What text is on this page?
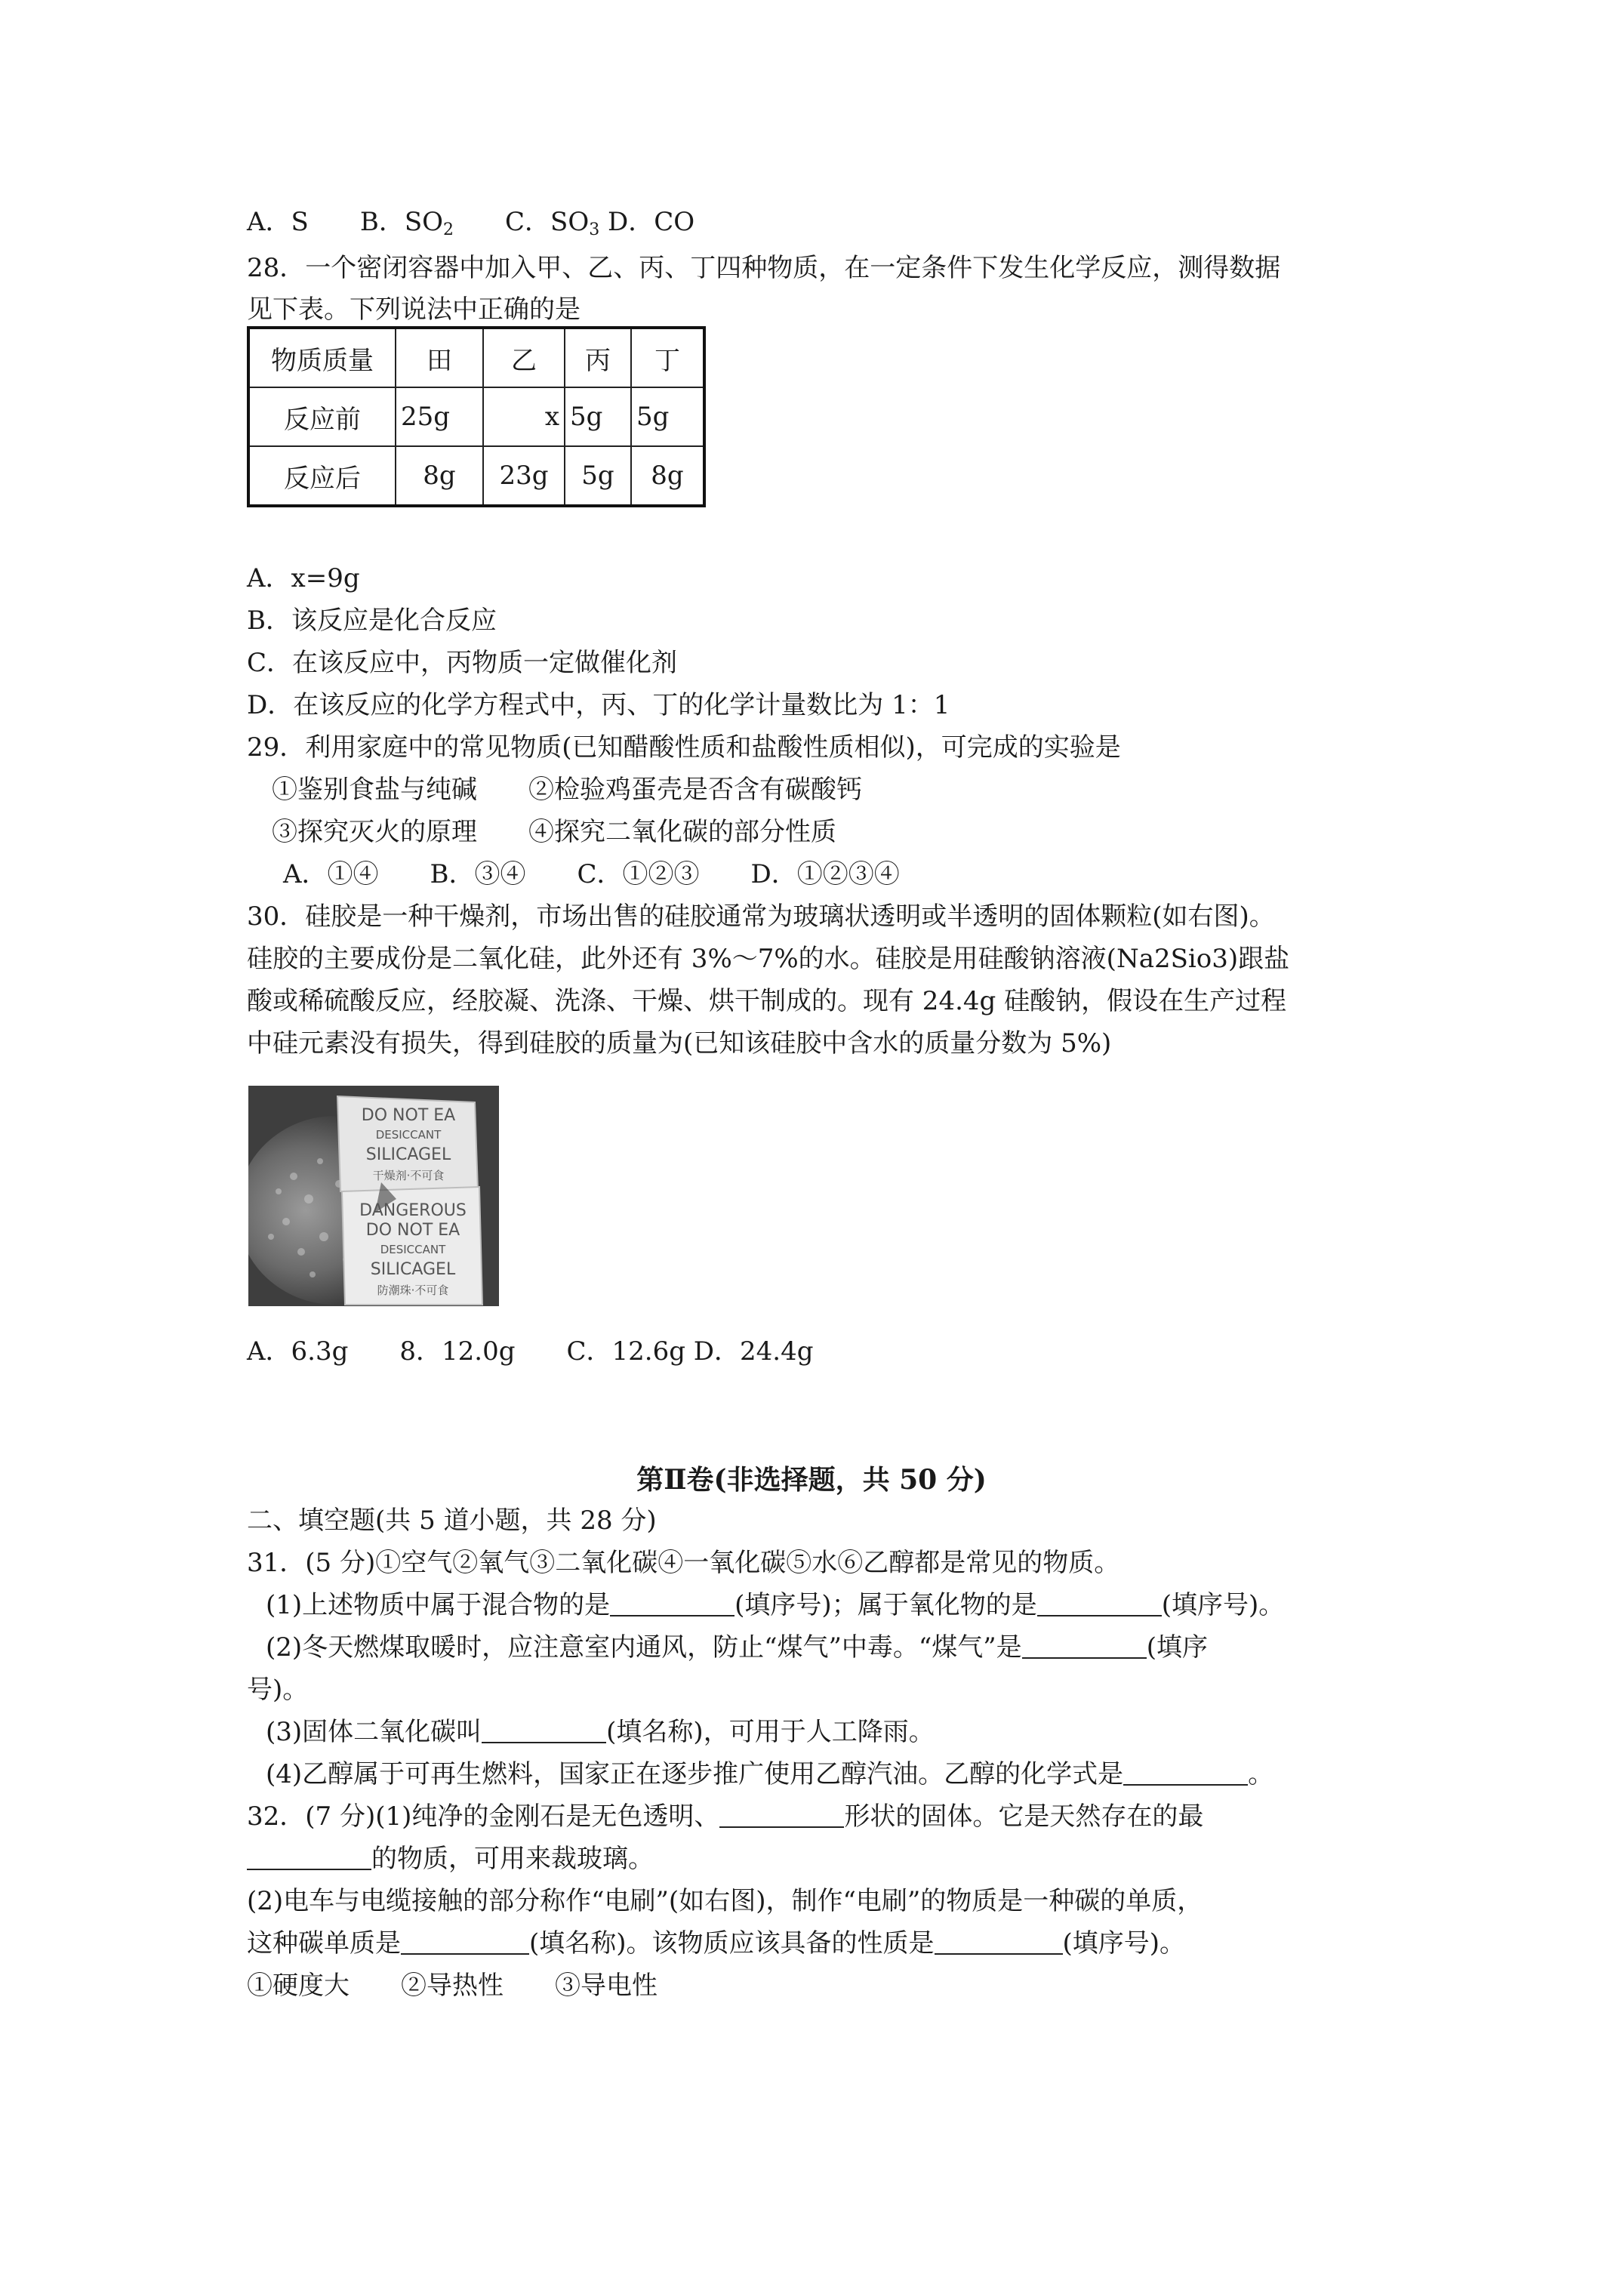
A．S   B．$SO_2$   C．$SO_3$ D．CO
28．一个密闭容器中加入甲、乙、丙、丁四种物质，在一定条件下发生化学反应，测得数据
见下表。下列说法中正确的是
物质质量	田	乙	丙	丁
反应前	25g	x	5g	5g
反应后	8g	23g	5g	8g
A．x=9g
B．该反应是化合反应
C．在该反应中，丙物质一定做催化剂
D．在该反应的化学方程式中，丙、丁的化学计量数比为 1：1
29．利用家庭中的常见物质(已知醋酸性质和盐酸性质相似)，可完成的实验是
①鉴别食盐与纯碱　　②检验鸡蛋壳是否含有碳酸钙
③探究灭火的原理　　④探究二氧化碳的部分性质
A．①④　　B．③④　　C．①②③　　D．①②③④
30．硅胶是一种干燥剂，市场出售的硅胶通常为玻璃状透明或半透明的固体颗粒(如右图)。
硅胶的主要成份是二氧化硅，此外还有 3%～7%的水。硅胶是用硅酸钠溶液(Na2Sio3)跟盐
酸或稀硫酸反应，经胶凝、洗涤、干燥、烘干制成的。现有 24.4g 硅酸钠，假设在生产过程
中硅元素没有损失，得到硅胶的质量为(已知该硅胶中含水的质量分数为 5%)
DO NOT EA
DESICCANT
SILICAGEL
干燥剂·不可食
DANGEROUS
DO NOT EA
DESICCANT
SILICAGEL
防潮珠·不可食
A．6.3g　　8．12.0g　　C．12.6g D．24.4g
第Ⅱ卷(非选择题，共 50 分)
二、填空题(共 5 道小题，共 28 分)
31．(5 分)①空气②氧气③二氧化碳④一氧化碳⑤水⑥乙醇都是常见的物质。
(1)上述物质中属于混合物的是	(填序号)；属于氧化物的是	(填序号)。
(2)冬天燃煤取暖时，应注意室内通风，防止“煤气”中毒。“煤气”是	(填序
号)。
(3)固体二氧化碳叫	(填名称)，可用于人工降雨。
(4)乙醇属于可再生燃料，国家正在逐步推广使用乙醇汽油。乙醇的化学式是	。
32．(7 分)(1)纯净的金刚石是无色透明、	形状的固体。它是天然存在的最
的物质，可用来裁玻璃。
(2)电车与电缆接触的部分称作“电刷”(如右图)，制作“电刷”的物质是一种碳的单质，
这种碳单质是	(填名称)。该物质应该具备的性质是	(填序号)。
①硬度大　　②导热性　　③导电性
